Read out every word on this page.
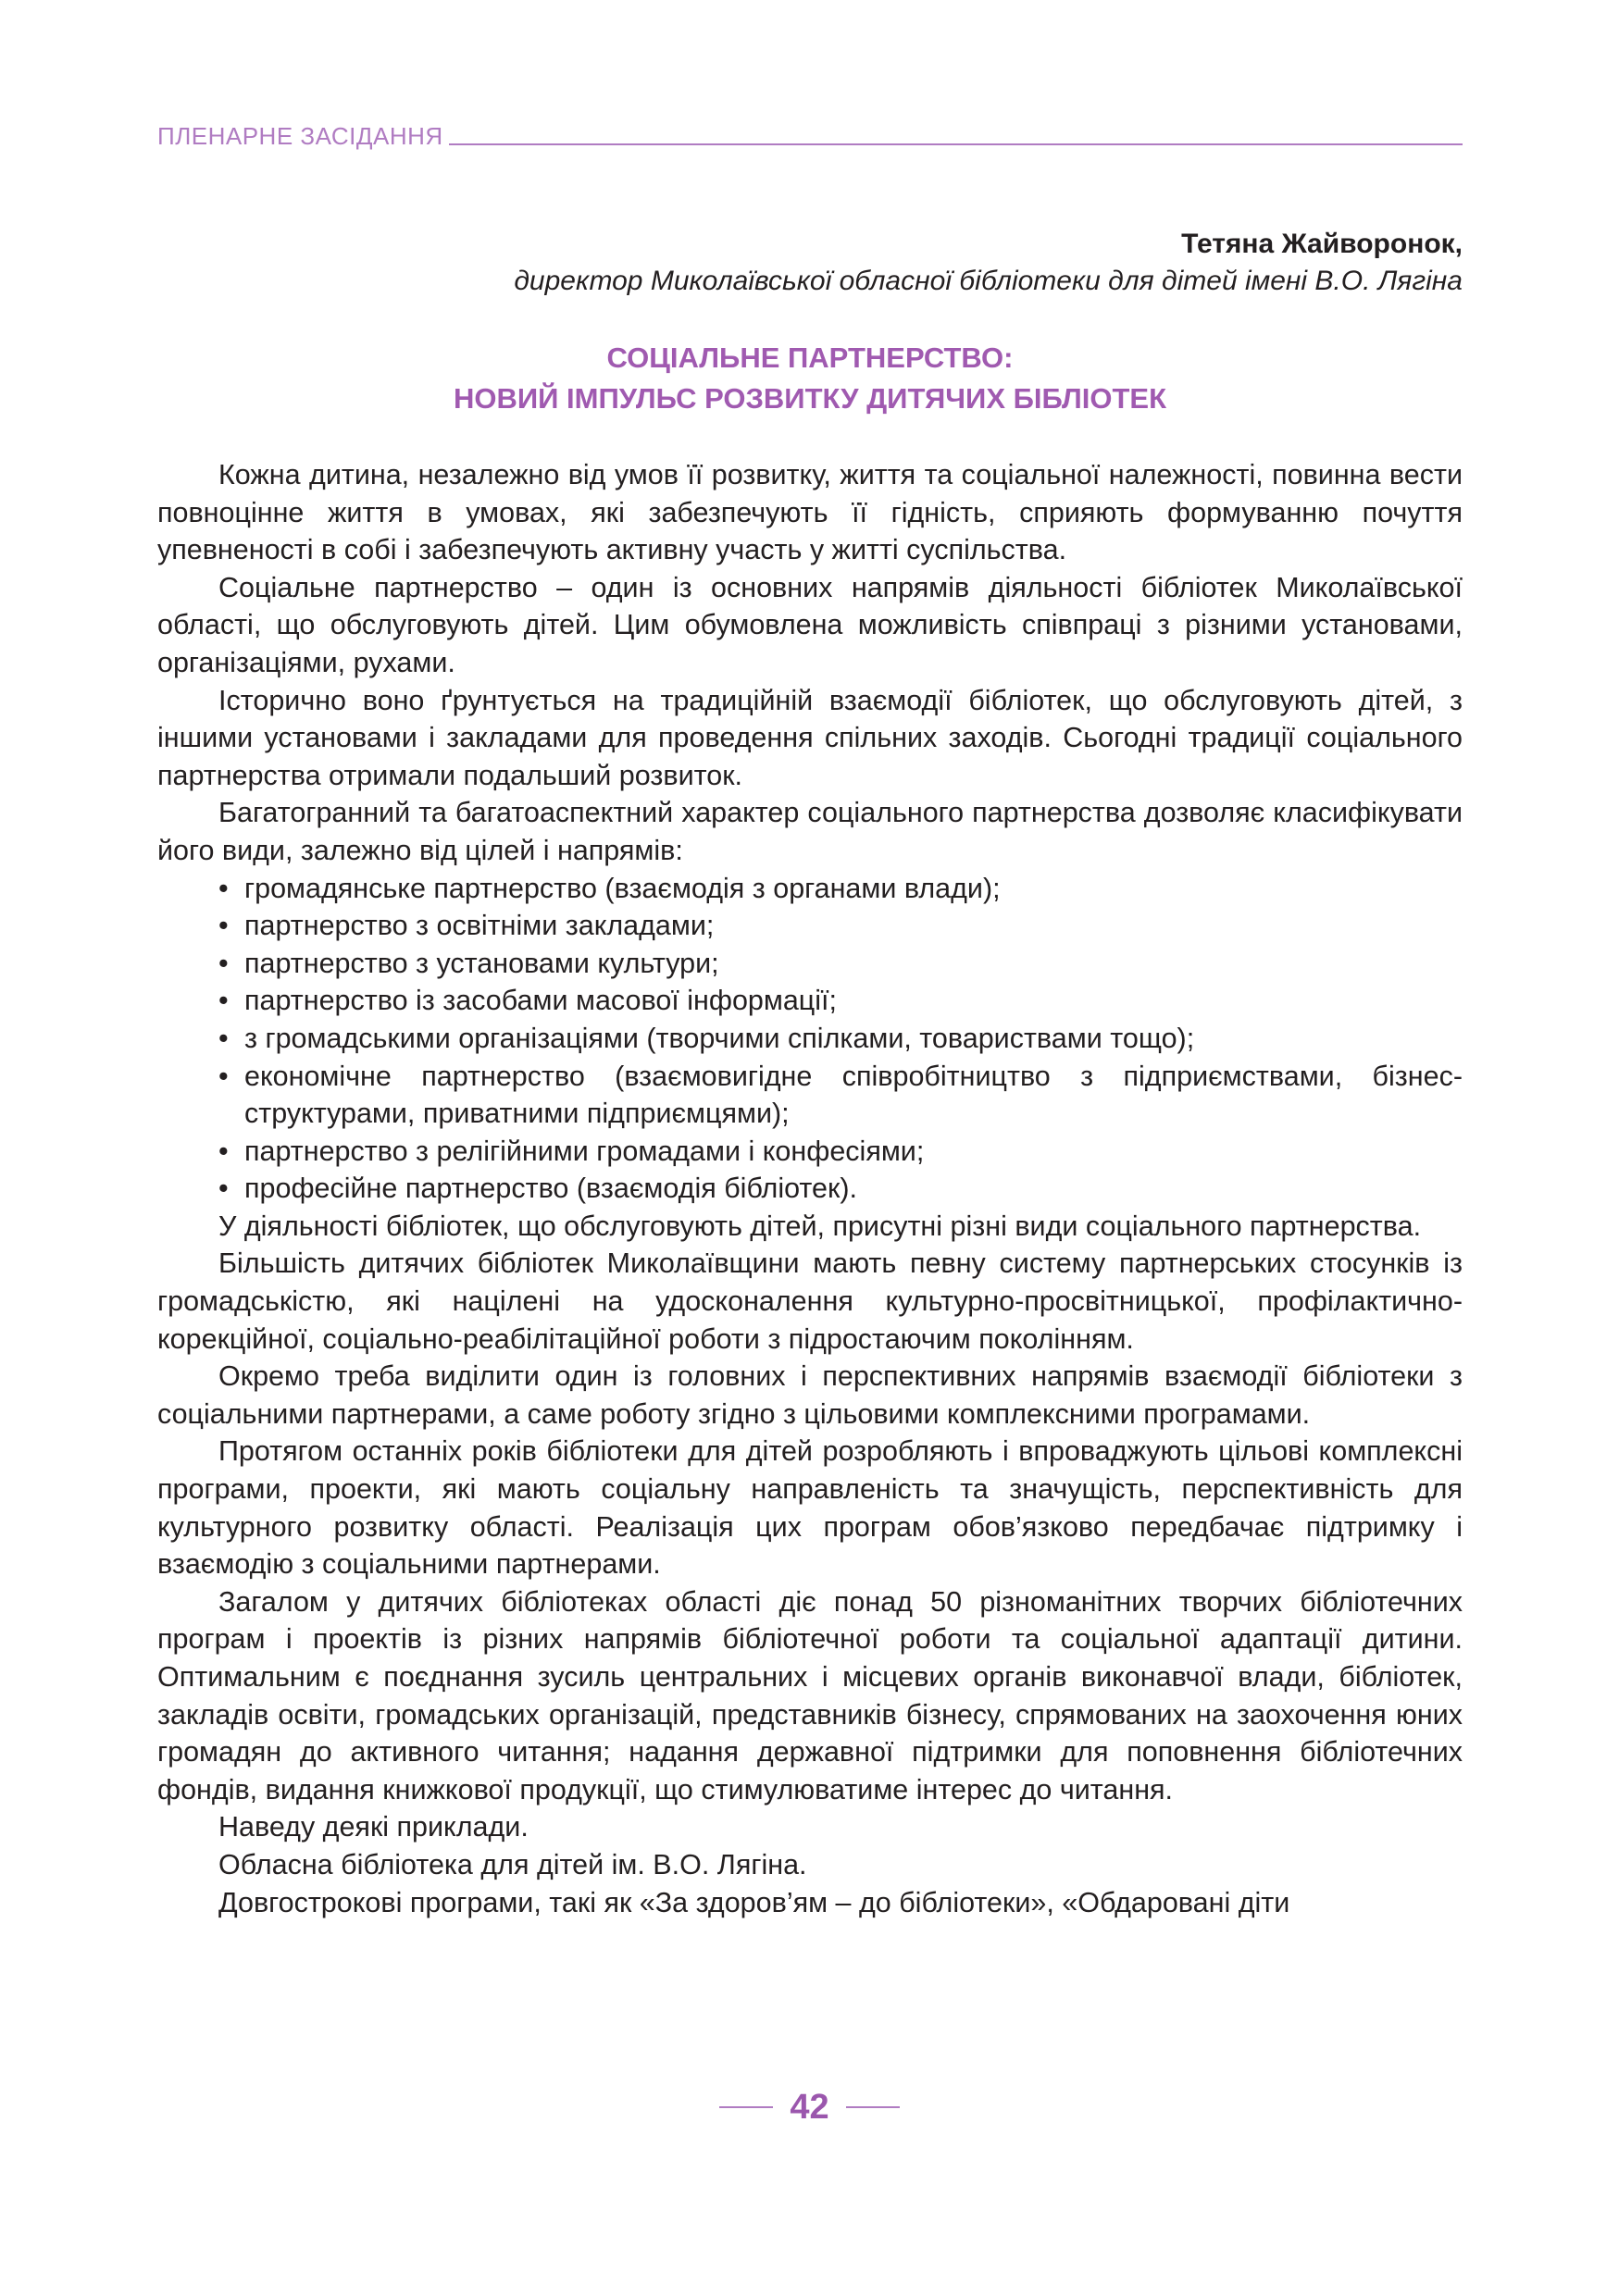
ПЛЕНАРНЕ ЗАСІДАННЯ
Тетяна Жайворонок,
директор Миколаївської обласної бібліотеки для дітей імені В.О. Лягіна
СОЦІАЛЬНЕ ПАРТНЕРСТВО:
НОВИЙ ІМПУЛЬС РОЗВИТКУ ДИТЯЧИХ БІБЛІОТЕК

Кожна дитина, незалежно від умов її розвитку, життя та соціальної належності, повинна вести повноцінне життя в умовах, які забезпечують її гідність, сприяють формуванню почуття упевненості в собі і забезпечують активну участь у житті суспільства.

Соціальне партнерство – один із основних напрямів діяльності бібліотек Миколаївської області, що обслуговують дітей. Цим обумовлена можливість співпраці з різними установами, організаціями, рухами.

Історично воно ґрунтується на традиційній взаємодії бібліотек, що обслуговують дітей, з іншими установами і закладами для проведення спільних заходів. Сьогодні традиції соціального партнерства отримали подальший розвиток.

Багатогранний та багатоаспектний характер соціального партнерства дозволяє класифікувати його види, залежно від цілей і напрямів:

• громадянське партнерство (взаємодія з органами влади);
• партнерство з освітніми закладами;
• партнерство з установами культури;
• партнерство із засобами масової інформації;
• з громадськими організаціями (творчими спілками, товариствами тощо);
• економічне партнерство (взаємовигідне співробітництво з підприємствами, бізнес-структурами, приватними підприємцями);
• партнерство з релігійними громадами і конфесіями;
• професійне партнерство (взаємодія бібліотек).

У діяльності бібліотек, що обслуговують дітей, присутні різні види соціального партнерства.

Більшість дитячих бібліотек Миколаївщини мають певну систему партнерських стосунків із громадськістю, які націлені на удосконалення культурно-просвітницької, профілактично-корекційної, соціально-реабілітаційної роботи з підростаючим поколінням.

Окремо треба виділити один із головних і перспективних напрямів взаємодії бібліотеки з соціальними партнерами, а саме роботу згідно з цільовими комплексними програмами.

Протягом останніх років бібліотеки для дітей розробляють і впроваджують цільові комплексні програми, проекти, які мають соціальну направленість та значущість, перспективність для культурного розвитку області. Реалізація цих програм обов’язково передбачає підтримку і взаємодію з соціальними партнерами.

Загалом у дитячих бібліотеках області діє понад 50 різноманітних творчих бібліотечних програм і проектів із різних напрямів бібліотечної роботи та соціальної адаптації дитини. Оптимальним є поєднання зусиль центральних і місцевих органів виконавчої влади, бібліотек, закладів освіти, громадських організацій, представників бізнесу, спрямованих на заохочення юних громадян до активного читання; надання державної підтримки для поповнення бібліотечних фондів, видання книжкової продукції, що стимулюватиме інтерес до читання.

Наведу деякі приклади.

Обласна бібліотека для дітей ім. В.О. Лягіна.

Довгострокові програми, такі як «За здоров’ям – до бібліотеки», «Обдаровані діти

42
